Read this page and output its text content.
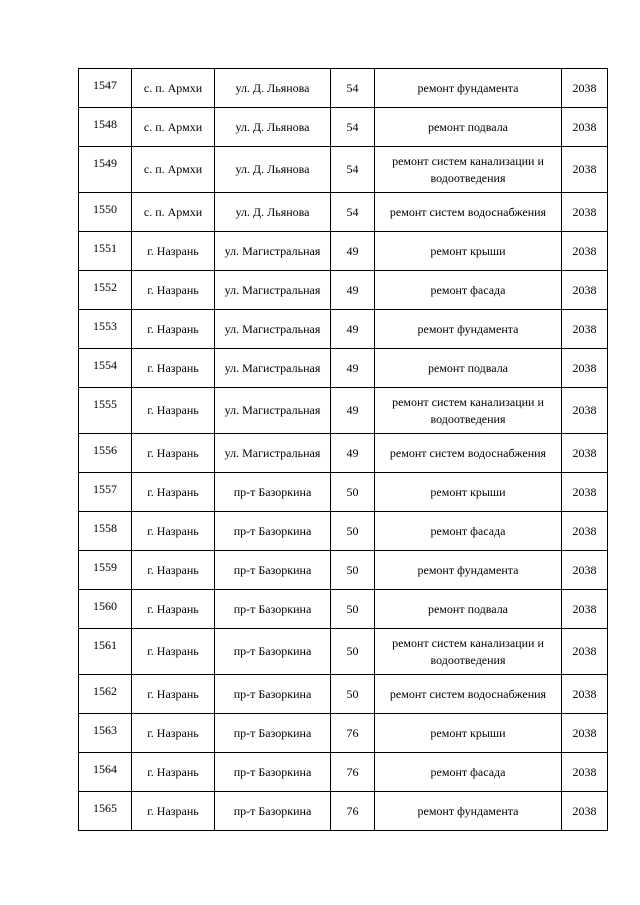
1547	с. п. Армхи	ул. Д. Льянова	54	ремонт фундамента	2038
1548	с. п. Армхи	ул. Д. Льянова	54	ремонт подвала	2038
1549	с. п. Армхи	ул. Д. Льянова	54	ремонт систем канализации и водоотведения	2038
1550	с. п. Армхи	ул. Д. Льянова	54	ремонт систем водоснабжения	2038
1551	г. Назрань	ул. Магистральная	49	ремонт крыши	2038
1552	г. Назрань	ул. Магистральная	49	ремонт фасада	2038
1553	г. Назрань	ул. Магистральная	49	ремонт фундамента	2038
1554	г. Назрань	ул. Магистральная	49	ремонт подвала	2038
1555	г. Назрань	ул. Магистральная	49	ремонт систем канализации и водоотведения	2038
1556	г. Назрань	ул. Магистральная	49	ремонт систем водоснабжения	2038
1557	г. Назрань	пр-т Базоркина	50	ремонт крыши	2038
1558	г. Назрань	пр-т Базоркина	50	ремонт фасада	2038
1559	г. Назрань	пр-т Базоркина	50	ремонт фундамента	2038
1560	г. Назрань	пр-т Базоркина	50	ремонт подвала	2038
1561	г. Назрань	пр-т Базоркина	50	ремонт систем канализации и водоотведения	2038
1562	г. Назрань	пр-т Базоркина	50	ремонт систем водоснабжения	2038
1563	г. Назрань	пр-т Базоркина	76	ремонт крыши	2038
1564	г. Назрань	пр-т Базоркина	76	ремонт фасада	2038
1565	г. Назрань	пр-т Базоркина	76	ремонт фундамента	2038
